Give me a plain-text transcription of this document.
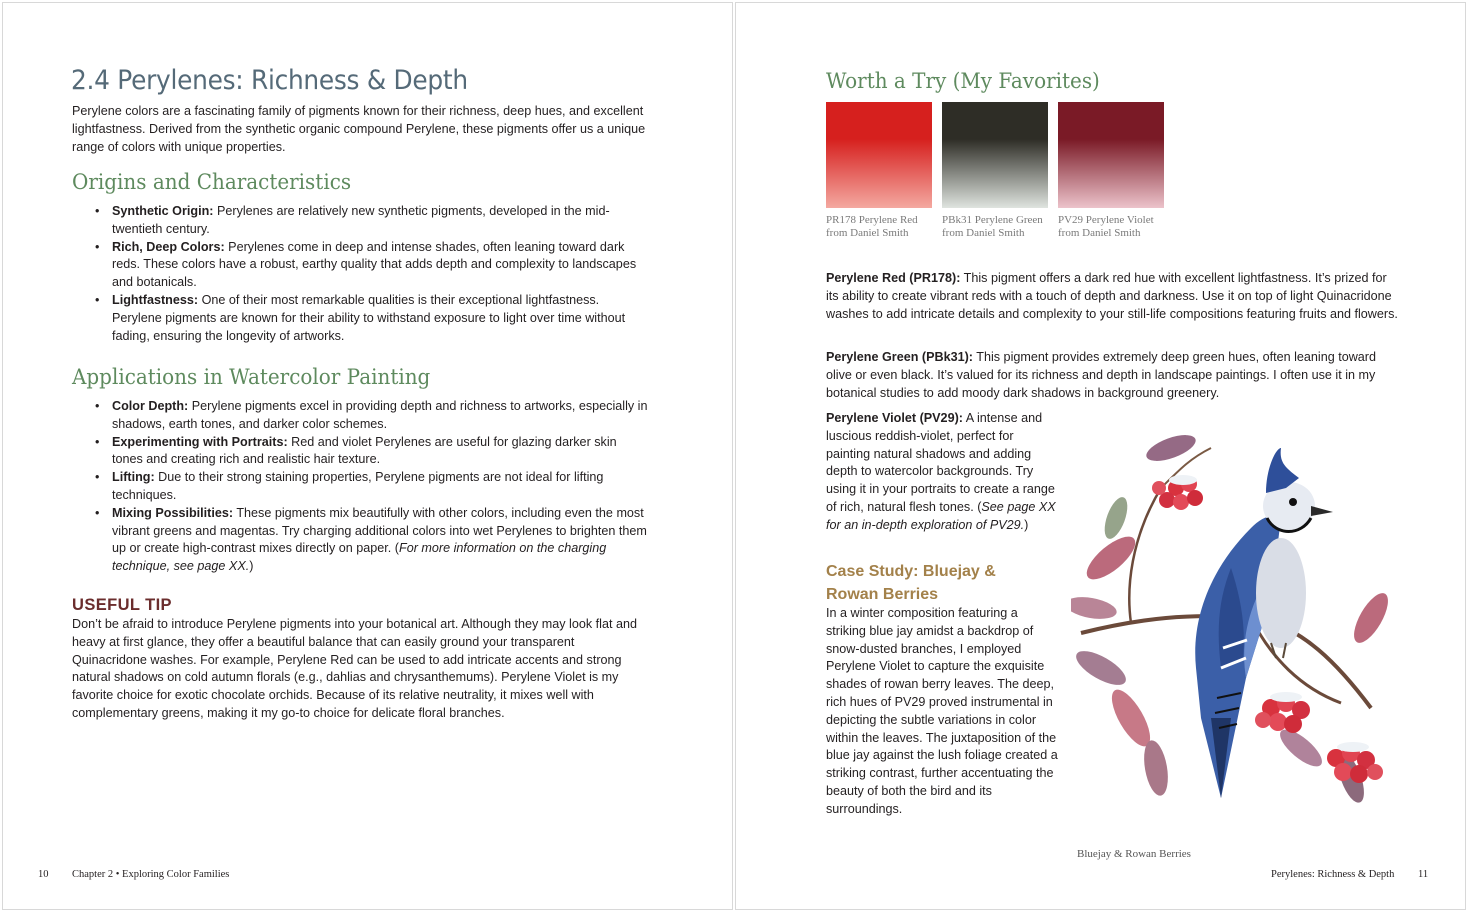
2.4 Perylenes: Richness & Depth

Perylene colors are a fascinating family of pigments known for their richness, deep hues, and excellent lightfastness. Derived from the synthetic organic compound Perylene, these pigments offer us a unique range of colors with unique properties.

Origins and Characteristics
• Synthetic Origin: Perylenes are relatively new synthetic pigments, developed in the mid-twentieth century.
• Rich, Deep Colors: Perylenes come in deep and intense shades, often leaning toward dark reds. These colors have a robust, earthy quality that adds depth and complexity to landscapes and botanicals.
• Lightfastness: One of their most remarkable qualities is their exceptional lightfastness. Perylene pigments are known for their ability to withstand exposure to light over time without fading, ensuring the longevity of artworks.
Applications in Watercolor Painting
• Color Depth: Perylene pigments excel in providing depth and richness to artworks, especially in shadows, earth tones, and darker color schemes.
• Experimenting with Portraits: Red and violet Perylenes are useful for glazing darker skin tones and creating rich and realistic hair texture.
• Lifting: Due to their strong staining properties, Perylene pigments are not ideal for lifting techniques.
• Mixing Possibilities: These pigments mix beautifully with other colors, including even the most vibrant greens and magentas. Try charging additional colors into wet Perylenes to brighten them up or create high-contrast mixes directly on paper. (For more information on the charging technique, see page XX.)
USEFUL TIP

Don’t be afraid to introduce Perylene pigments into your botanical art. Although they may look flat and heavy at first glance, they offer a beautiful balance that can easily ground your transparent Quinacridone washes. For example, Perylene Red can be used to add intricate accents and strong natural shadows on cold autumn florals (e.g., dahlias and chrysanthemums). Perylene Violet is my favorite choice for exotic chocolate orchids. Because of its relative neutrality, it mixes well with complementary greens, making it my go-to choice for delicate floral branches.

10 Chapter 2 • Exploring Color Families
Worth a Try (My Favorites)
PR178 Perylene Red from Daniel Smith
PBk31 Perylene Green from Daniel Smith
PV29 Perylene Violet from Daniel Smith

Perylene Red (PR178): This pigment offers a dark red hue with excellent lightfastness. It’s prized for its ability to create vibrant reds with a touch of depth and darkness. Use it on top of light Quinacridone washes to add intricate details and complexity to your still-life compositions featuring fruits and flowers.

Perylene Green (PBk31): This pigment provides extremely deep green hues, often leaning toward olive or even black. It’s valued for its richness and depth in landscape paintings. I often use it in my botanical studies to add moody dark shadows in background greenery.

Perylene Violet (PV29): A intense and luscious reddish-violet, perfect for painting natural shadows and adding depth to watercolor backgrounds. Try using it in your portraits to create a range of rich, natural flesh tones. (See page XX for an in-depth exploration of PV29.)

Case Study: Bluejay & Rowan Berries

In a winter composition featuring a striking blue jay amidst a backdrop of snow-dusted branches, I employed Perylene Violet to capture the exquisite shades of rowan berry leaves. The deep, rich hues of PV29 proved instrumental in depicting the subtle variations in color within the leaves. The juxtaposition of the blue jay against the lush foliage created a striking contrast, further accentuating the beauty of both the bird and its surroundings.

Bluejay & Rowan Berries
Perylenes: Richness & Depth 11
